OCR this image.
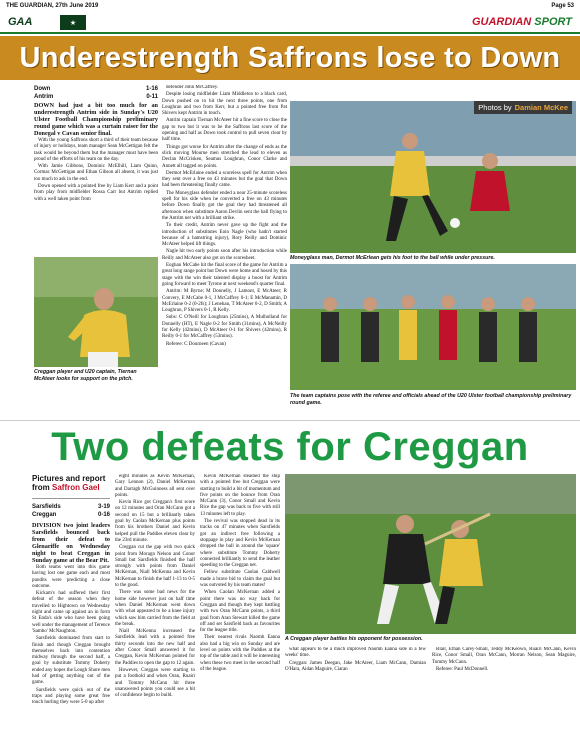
THE GUARDIAN, 27th June 2019	Page 53
GAA	★	GUARDIAN SPORT
Underestrength Saffrons lose to Down
Down	1-16
Antrim	0-11

DOWN had just a bit too much for an underestrength Antrim side in Sunday's U20 Ulster Football Championship preliminary round game which was a curtain raiser for the Donegal v Cavan senior final.

With the young Saffrons short a third of their team because of injury or holidays, team manager Sean McGettigan felt the task would be beyond them but the manager must have been proud of the efforts of his team on the day.

With Jamie Gibbons, Dominic McElhill, Liam Quinn, Cormac McGettigan and Ethan Gibson all absent, it was just too much to ask in the end.

Down opened with a pointed free by Liam Kerr and a point from play from midfielder Rossa Carr but Antrim replied with a well taken point from

defender John McCaffrey.

Despite losing midfielder Liam Middleton to a black card, Down pushed on to hit the next three points, one from Loughran and two from Kerr, but a pointed free from Pat Shivers kept Antrim in touch.

Antrim captain Tiernan McAteer hit a fine score to close the gap to two but it was to be the Saffrons last score of the opening and half as Down took control to pull seven clear by half time.

Things got worse for Antrim after the change of ends as the slick moving Mourne men stretched the lead to eleven as Declan McCrisken, Seamus Loughran, Conor Clarke and Annett all tagged on points.

Dermot McErlaine ended a scoreless spell for Antrim when they sent over a free on 43 minutes but the goal that Down had been threatening finally came.

The Moneyglass defender ended a near 25-minute scoreless spell for his side when he converted a free on 43 minutes before Down finally got the goal they had threatened all afternoon when substitute Aaron Devlin sent the ball flying to the Antrim net with a brilliant strike.

To their credit, Antrim never gave up the fight and the introduction of substitutes Eoin Nagle (who hadn't started because of a hamstring injury), Rory Reilly and Dominic McAteer helped lift things.

Nagle hit two early points soon after his introduction while Reilly and McAteer also got on the scoresheet.

Eoghan McCabe hit the final score of the game for Antrim a great long range point but Down were home and hosed by this stage with the win their talented display a boost for Antrim going forward to meet Tyrone at next weekend's quarter final.

Antrim: M Byrne; M Donnelly, J Lamont, E McAteer; R Convery, E McCabe 0-1, J McCaffrey 0-1; E McManamin, D McErlaine 0-2 (0-2fs); J Lenehan, T McAteer 0-2, D Smith; A Loughran, P Shivers 0-1, R Kelly.

Subs: C O'Neill for Loughran (25mins), A Mulholland for Donnelly (HT), E Nagle 0-2 for Smith (31mins), A McNeilly for Kelly (42mins), D McAteer 0-1 for Shivers (42mins), R Reilly 0-1 for McCaffrey (53mins).

Referee: C Dourneen (Cavan)

Creggan player and U20 captain, Tiernan McAteer looks for support on the pitch.
Photos by Damian McKee
Moneyglass man, Dermot McErlean gets his foot to the ball while under pressure.
The team captains pose with the referee and officials ahead of the U20 Ulster football championship preliminary round game.
Two defeats for Creggan
Pictures and report
from Saffron Gael
Sarsfields	3-19
Creggan	0-16

DIVISION two joint leaders Sarsfields bounced back from their defeat to Glenariffe on Wednesday night to beat Creggan in Sunday game at the Bear Pit.

Both teams went into this game having lost one game each and most pundits were predicting a close outcome.

Kickam's had suffered their first defeat of the season when they travelled to Hightown on Wednesday night and came up against an in form St Enda's side who have been going well under the management of Terence 'Sambo' McNaughton.

Sarsfields dominated from start to finish and though Creggan brought themselves back into contention midway through the second half, a goal by substitute Tommy Doherty ended any hopes the Lough Shore men had of getting anything out of the game.

Sarsfields were quick out of the traps and playing some great free touch hurling they were 5-0 up after

eight minutes as Kevin McKernan, Gary Lennon (2), Daniel McKernan and Darragh McGuinness all sent over points.

Kevin Rice got Creggan's first score on 12 minutes and Oran McCann got a second on 15 but a brilliantly taken goal by Caolan McKernan plus points from his brothers Daniel and Kevin helped pull the Paddies eleven clear by the 23rd minute.

Creggan cut the gap with two quick point from Moragn Nelson and Conor Small but Sarsfields finished the half strongly with points from Daniel McKernan, Niall McKenna and Kevin McKernan to finish the half 1-13 to 0-5 to the good.

There was some bad news for the home side however just on half time when Daniel McKernan went down with what appeared to be a knee injury which saw him carried from the field at the break.

Niall McKenna increased the Sarsfields lead with a pointed free thirty seconds into the new half and after Conor Small answered it for Creggan, Kevin McKernan pointed for the Paddies to open the gap to 12 again.

However, Creggan were starting to put a foothold and when Oran, Ruairi and Tommy McCann hit three unanswered points you could see a bit of confidence begin to build.

Kevin McKernan steadied the ship with a pointed free but Creggan were starting to build a bit of momentum and five points on the bounce from Oran McCann (3), Conor Small and Kevin Rice the gap was back to five with still 13 minutes left to play.

The revival was stopped dead in its tracks on 47 minutes when Sarsfields got an indirect free following a stoppage in play and Kevin McKernan dropped the ball in around the 'square' where substitute Tommy Doherty connected brilliantly to send the leather speeding to the Creggan net.

Fellow substitute Caolan Caldwell made a brave bid to claim the goal but was outvoted by his team mates!

When Caolan McKernan added a point there was no way back for Creggan and though they kept battling with two Oran McCann points, a third goal from Aran Stewart killed the game off and set Sarsfield back as favourites for the league title.

Their nearest rivals Naomh Eanna also had a big win on Sunday and are level on points with the Paddies at the top of the table and it will be interesting when these two meet in the second half of the league.

A Creggan player battles his opponent for possession.

what appears to be a much improved Naomh Eanna side in a few weeks' time.

Creggan: James Deegan, Jake McAteer, Liam McCann, Damian O'Hara, Aidan Maguire, Ciaran

Blair, Ethan Carey-Small, Teddy McKeown, Ruairi McCann, Kevin Rice, Conor Small, Oran McCann, Morran Nelson, Sean Maguire, Tommy McCann.

Referee: Paul McDonnell.
